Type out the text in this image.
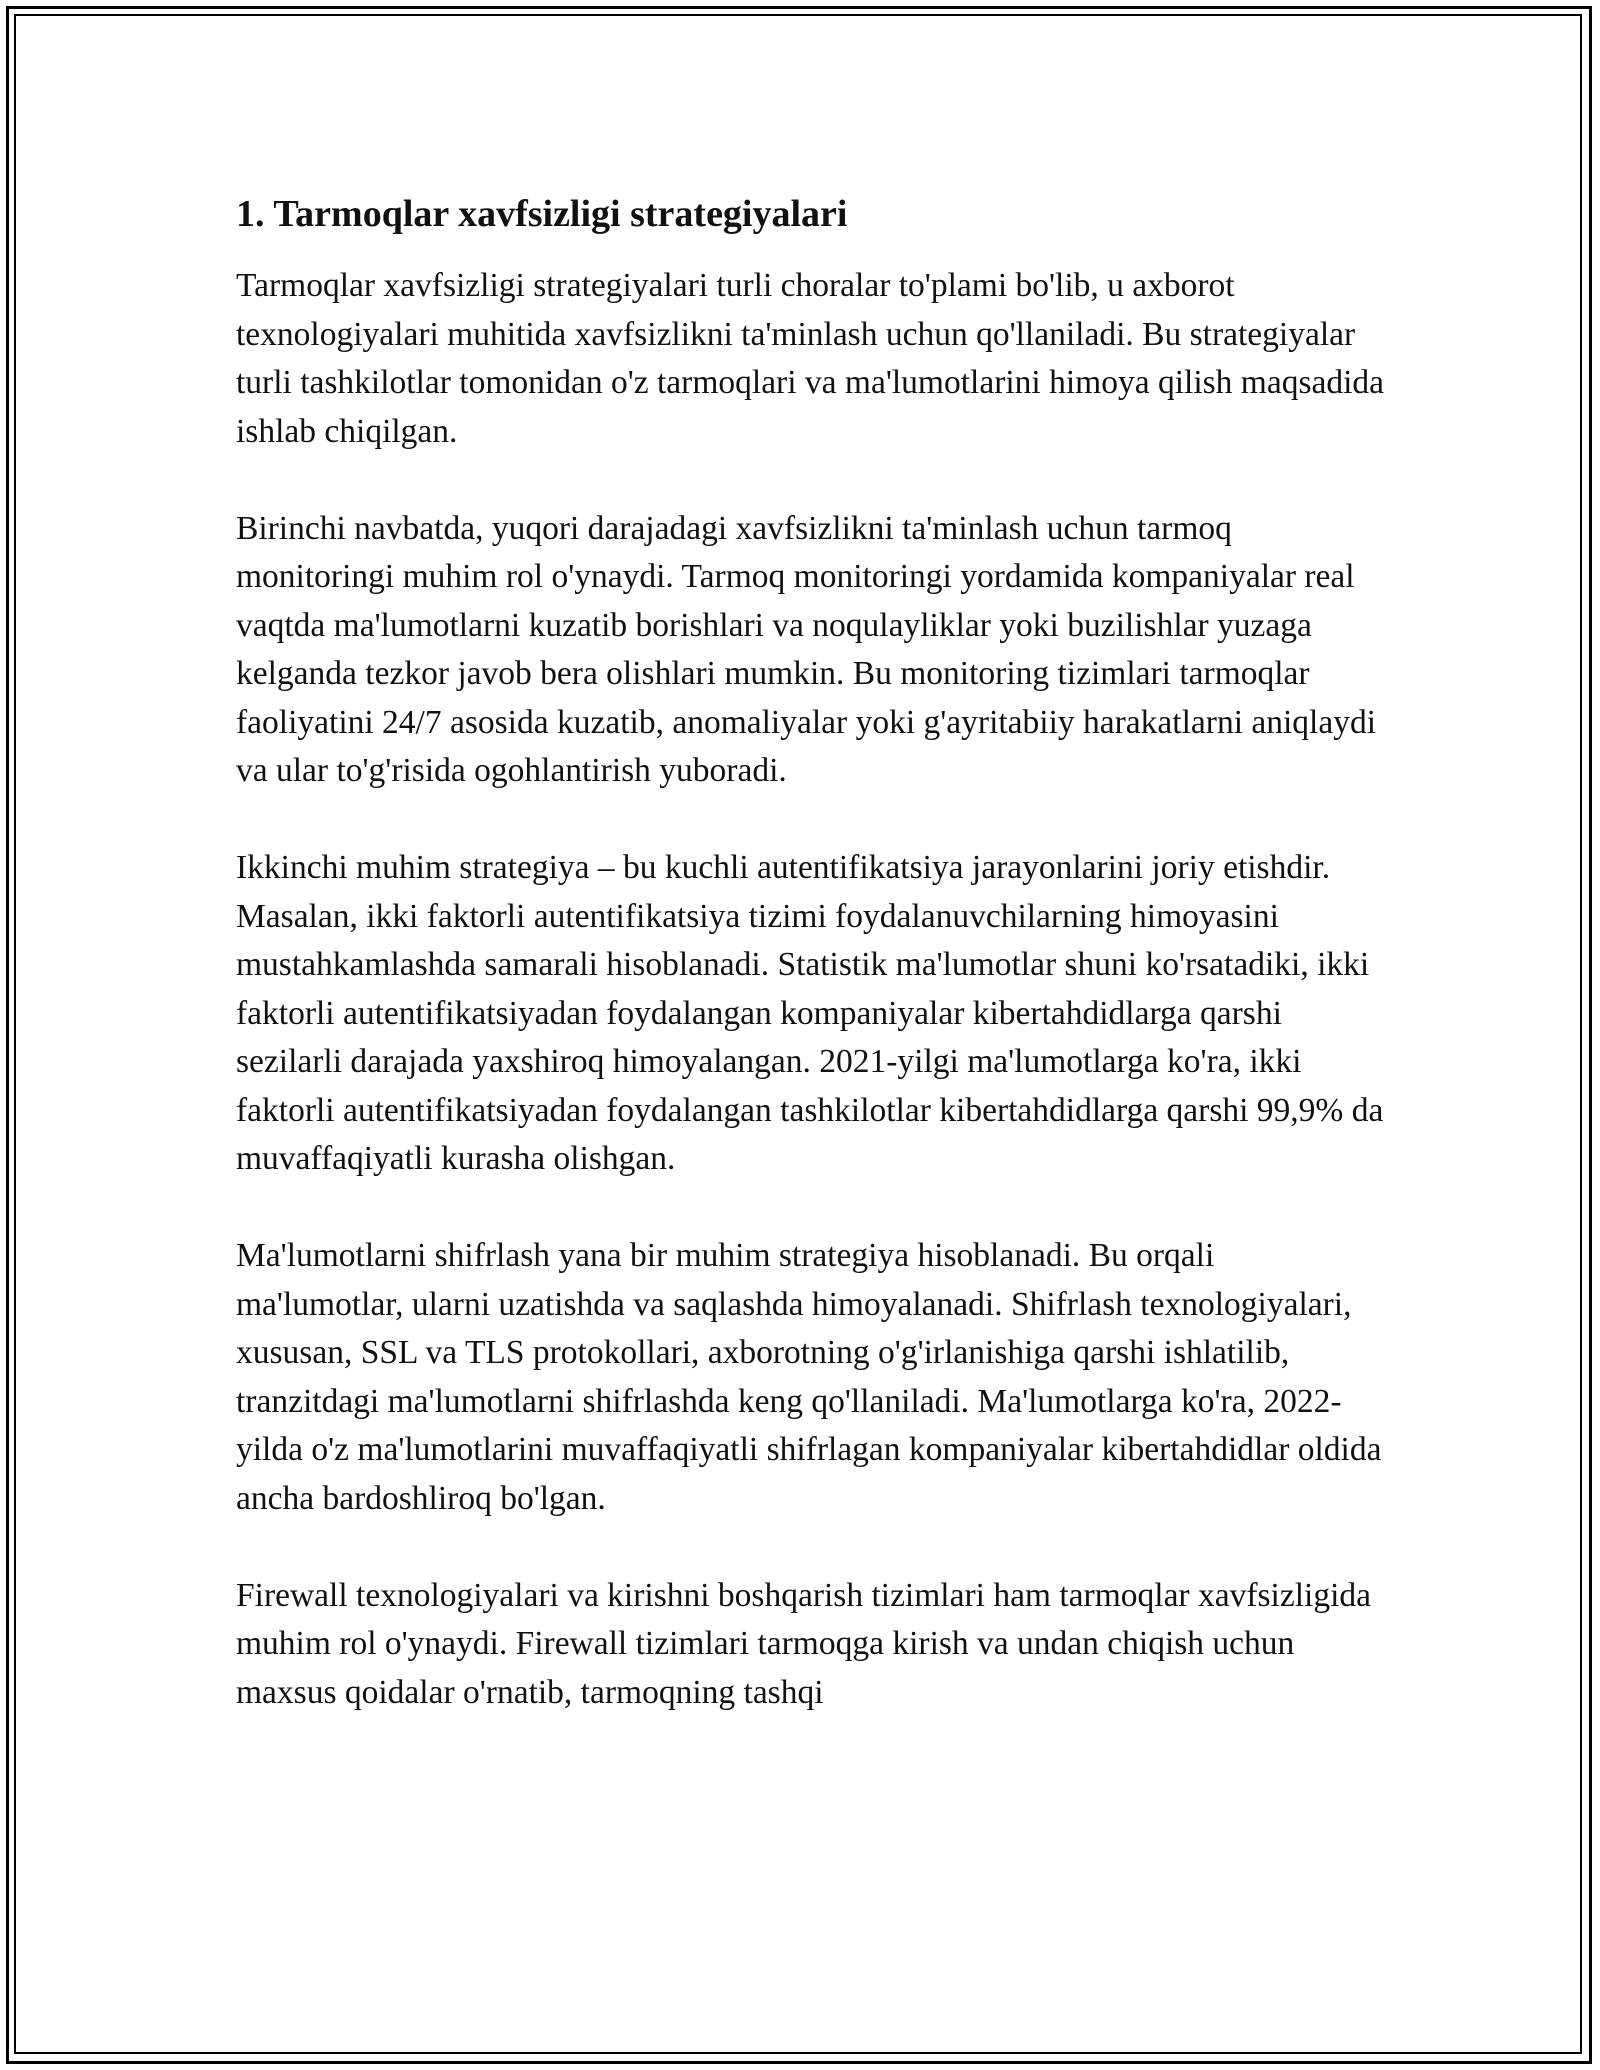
1. Tarmoqlar xavfsizligi strategiyalari

Tarmoqlar xavfsizligi strategiyalari turli choralar to'plami bo'lib, u axborot texnologiyalari muhitida xavfsizlikni ta'minlash uchun qo'llaniladi. Bu strategiyalar turli tashkilotlar tomonidan o'z tarmoqlari va ma'lumotlarini himoya qilish maqsadida ishlab chiqilgan.

Birinchi navbatda, yuqori darajadagi xavfsizlikni ta'minlash uchun tarmoq monitoringi muhim rol o'ynaydi. Tarmoq monitoringi yordamida kompaniyalar real vaqtda ma'lumotlarni kuzatib borishlari va noqulayliklar yoki buzilishlar yuzaga kelganda tezkor javob bera olishlari mumkin. Bu monitoring tizimlari tarmoqlar faoliyatini 24/7 asosida kuzatib, anomaliyalar yoki g'ayritabiiy harakatlarni aniqlaydi va ular to'g'risida ogohlantirish yuboradi.

Ikkinchi muhim strategiya – bu kuchli autentifikatsiya jarayonlarini joriy etishdir. Masalan, ikki faktorli autentifikatsiya tizimi foydalanuvchilarning himoyasini mustahkamlashda samarali hisoblanadi. Statistik ma'lumotlar shuni ko'rsatadiki, ikki faktorli autentifikatsiyadan foydalangan kompaniyalar kibertahdidlarga qarshi sezilarli darajada yaxshiroq himoyalangan. 2021-yilgi ma'lumotlarga ko'ra, ikki faktorli autentifikatsiyadan foydalangan tashkilotlar kibertahdidlarga qarshi 99,9% da muvaffaqiyatli kurasha olishgan.

Ma'lumotlarni shifrlash yana bir muhim strategiya hisoblanadi. Bu orqali ma'lumotlar, ularni uzatishda va saqlashda himoyalanadi. Shifrlash texnologiyalari, xususan, SSL va TLS protokollari, axborotning o'g'irlanishiga qarshi ishlatilib, tranzitdagi ma'lumotlarni shifrlashda keng qo'llaniladi. Ma'lumotlarga ko'ra, 2022-yilda o'z ma'lumotlarini muvaffaqiyatli shifrlagan kompaniyalar kibertahdidlar oldida ancha bardoshliroq bo'lgan.

Firewall texnologiyalari va kirishni boshqarish tizimlari ham tarmoqlar xavfsizligida muhim rol o'ynaydi. Firewall tizimlari tarmoqga kirish va undan chiqish uchun maxsus qoidalar o'rnatib, tarmoqning tashqi
